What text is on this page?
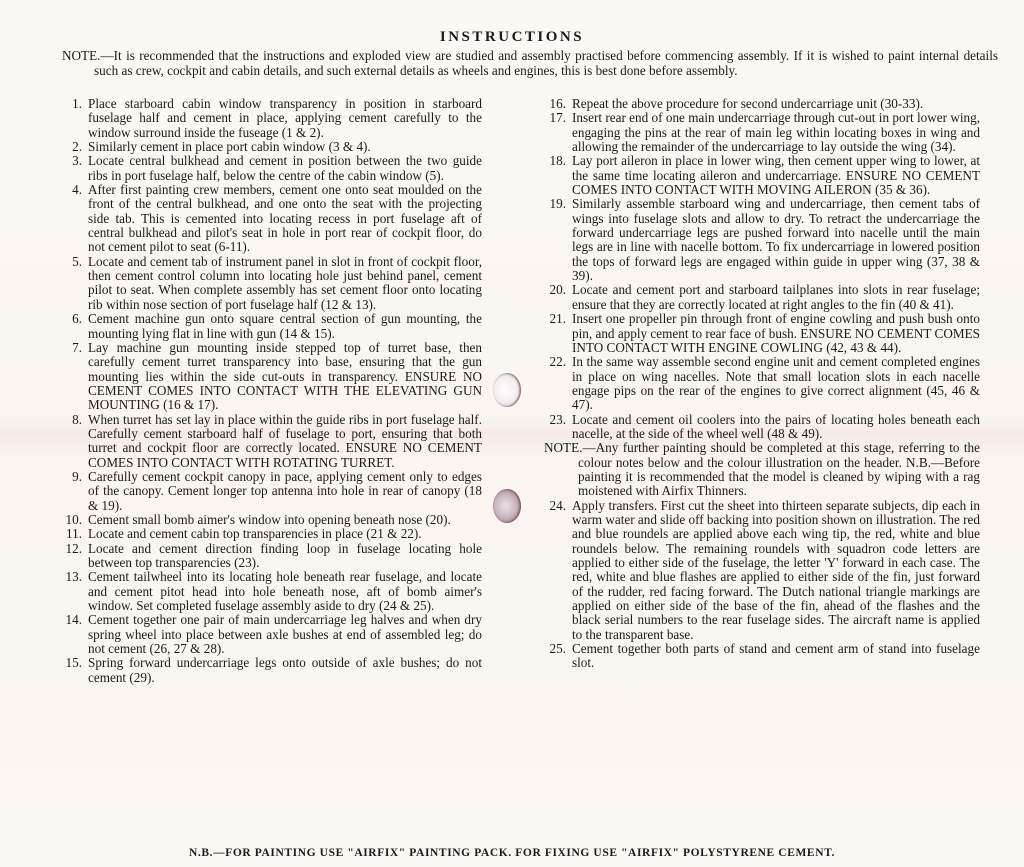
INSTRUCTIONS
NOTE.—It is recommended that the instructions and exploded view are studied and assembly practised before commencing assembly. If it is wished to paint internal details such as crew, cockpit and cabin details, and such external details as wheels and engines, this is best done before assembly.
1. Place starboard cabin window transparency in position in starboard fuselage half and cement in place, applying cement carefully to the window surround inside the fuseage (1 & 2).
2. Similarly cement in place port cabin window (3 & 4).
3. Locate central bulkhead and cement in position between the two guide ribs in port fuselage half, below the centre of the cabin window (5).
4. After first painting crew members, cement one onto seat moulded on the front of the central bulkhead, and one onto the seat with the projecting side tab. This is cemented into locating recess in port fuselage aft of central bulkhead and pilot's seat in hole in port rear of cockpit floor, do not cement pilot to seat (6-11).
5. Locate and cement tab of instrument panel in slot in front of cockpit floor, then cement control column into locating hole just behind panel, cement pilot to seat. When complete assembly has set cement floor onto locating rib within nose section of port fuselage half (12 & 13).
6. Cement machine gun onto square central section of gun mounting, the mounting lying flat in line with gun (14 & 15).
7. Lay machine gun mounting inside stepped top of turret base, then carefully cement turret transparency into base, ensuring that the gun mounting lies within the side cut-outs in transparency. ENSURE NO CEMENT COMES INTO CONTACT WITH THE ELEVATING GUN MOUNTING (16 & 17).
8. When turret has set lay in place within the guide ribs in port fuselage half. Carefully cement starboard half of fuselage to port, ensuring that both turret and cockpit floor are correctly located. ENSURE NO CEMENT COMES INTO CONTACT WITH ROTATING TURRET.
9. Carefully cement cockpit canopy in pace, applying cement only to edges of the canopy. Cement longer top antenna into hole in rear of canopy (18 & 19).
10. Cement small bomb aimer's window into opening beneath nose (20).
11. Locate and cement cabin top transparencies in place (21 & 22).
12. Locate and cement direction finding loop in fuselage locating hole between top transparencies (23).
13. Cement tailwheel into its locating hole beneath rear fuselage, and locate and cement pitot head into hole beneath nose, aft of bomb aimer's window. Set completed fuselage assembly aside to dry (24 & 25).
14. Cement together one pair of main undercarriage leg halves and when dry spring wheel into place between axle bushes at end of assembled leg; do not cement (26, 27 & 28).
15. Spring forward undercarriage legs onto outside of axle bushes; do not cement (29).
16. Repeat the above procedure for second undercarriage unit (30-33).
17. Insert rear end of one main undercarriage through cut-out in port lower wing, engaging the pins at the rear of main leg within locating boxes in wing and allowing the remainder of the undercarriage to lay outside the wing (34).
18. Lay port aileron in place in lower wing, then cement upper wing to lower, at the same time locating aileron and undercarriage. ENSURE NO CEMENT COMES INTO CONTACT WITH MOVING AILERON (35 & 36).
19. Similarly assemble starboard wing and undercarriage, then cement tabs of wings into fuselage slots and allow to dry. To retract the undercarriage the forward undercarriage legs are pushed forward into nacelle until the main legs are in line with nacelle bottom. To fix undercarriage in lowered position the tops of forward legs are engaged within guide in upper wing (37, 38 & 39).
20. Locate and cement port and starboard tailplanes into slots in rear fuselage; ensure that they are correctly located at right angles to the fin (40 & 41).
21. Insert one propeller pin through front of engine cowling and push bush onto pin, and apply cement to rear face of bush. ENSURE NO CEMENT COMES INTO CONTACT WITH ENGINE COWLING (42, 43 & 44).
22. In the same way assemble second engine unit and cement completed engines in place on wing nacelles. Note that small location slots in each nacelle engage pips on the rear of the engines to give correct alignment (45, 46 & 47).
23. Locate and cement oil coolers into the pairs of locating holes beneath each nacelle, at the side of the wheel well (48 & 49).
NOTE.—Any further painting should be completed at this stage, referring to the colour notes below and the colour illustration on the header. N.B.—Before painting it is recommended that the model is cleaned by wiping with a rag moistened with Airfix Thinners.
24. Apply transfers. First cut the sheet into thirteen separate subjects, dip each in warm water and slide off backing into position shown on illustration. The red and blue roundels are applied above each wing tip, the red, white and blue roundels below. The remaining roundels with squadron code letters are applied to either side of the fuselage, the letter 'Y' forward in each case. The red, white and blue flashes are applied to either side of the fin, just forward of the rudder, red facing forward. The Dutch national triangle markings are applied on either side of the base of the fin, ahead of the flashes and the black serial numbers to the rear fuselage sides. The aircraft name is applied to the transparent base.
25. Cement together both parts of stand and cement arm of stand into fuselage slot.
N.B.—FOR PAINTING USE "AIRFIX" PAINTING PACK. FOR FIXING USE "AIRFIX" POLYSTYRENE CEMENT.
